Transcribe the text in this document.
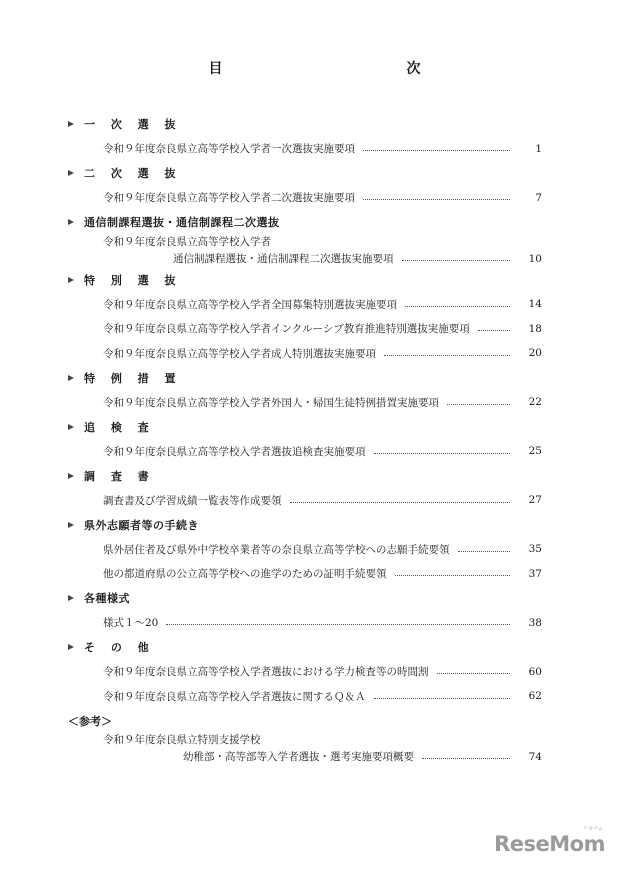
目　　次
一 次 選 抜
令和９年度奈良県立高等学校入学者一次選抜実施要項	1
二 次 選 抜
令和９年度奈良県立高等学校入学者二次選抜実施要項	7
通信制課程選抜・通信制課程二次選抜
令和９年度奈良県立高等学校入学者
通信制課程選抜・通信制課程二次選抜実施要項	10
特 別 選 抜
令和９年度奈良県立高等学校入学者全国募集特別選抜実施要項	14
令和９年度奈良県立高等学校入学者インクルーシブ教育推進特別選抜実施要項	18
令和９年度奈良県立高等学校入学者成人特別選抜実施要項	20
特 例 措 置
令和９年度奈良県立高等学校入学者外国人・帰国生徒特例措置実施要項	22
追 検 査
令和９年度奈良県立高等学校入学者選抜追検査実施要項	25
調 査 書
調査書及び学習成績一覧表等作成要領	27
県外志願者等の手続き
県外居住者及び県外中学校卒業者等の奈良県立高等学校への志願手続要領	35
他の都道府県の公立高等学校への進学のための証明手続要領	37
各種様式
様式１～20	38
そ の 他
令和９年度奈良県立高等学校入学者選抜における学力検査等の時間割	60
令和９年度奈良県立高等学校入学者選抜に関するＱ＆Ａ	62
＜参考＞
令和９年度奈良県立特別支援学校
幼稚部・高等部等入学者選抜・選考実施要項概要	74
ReseMom
リセマム
